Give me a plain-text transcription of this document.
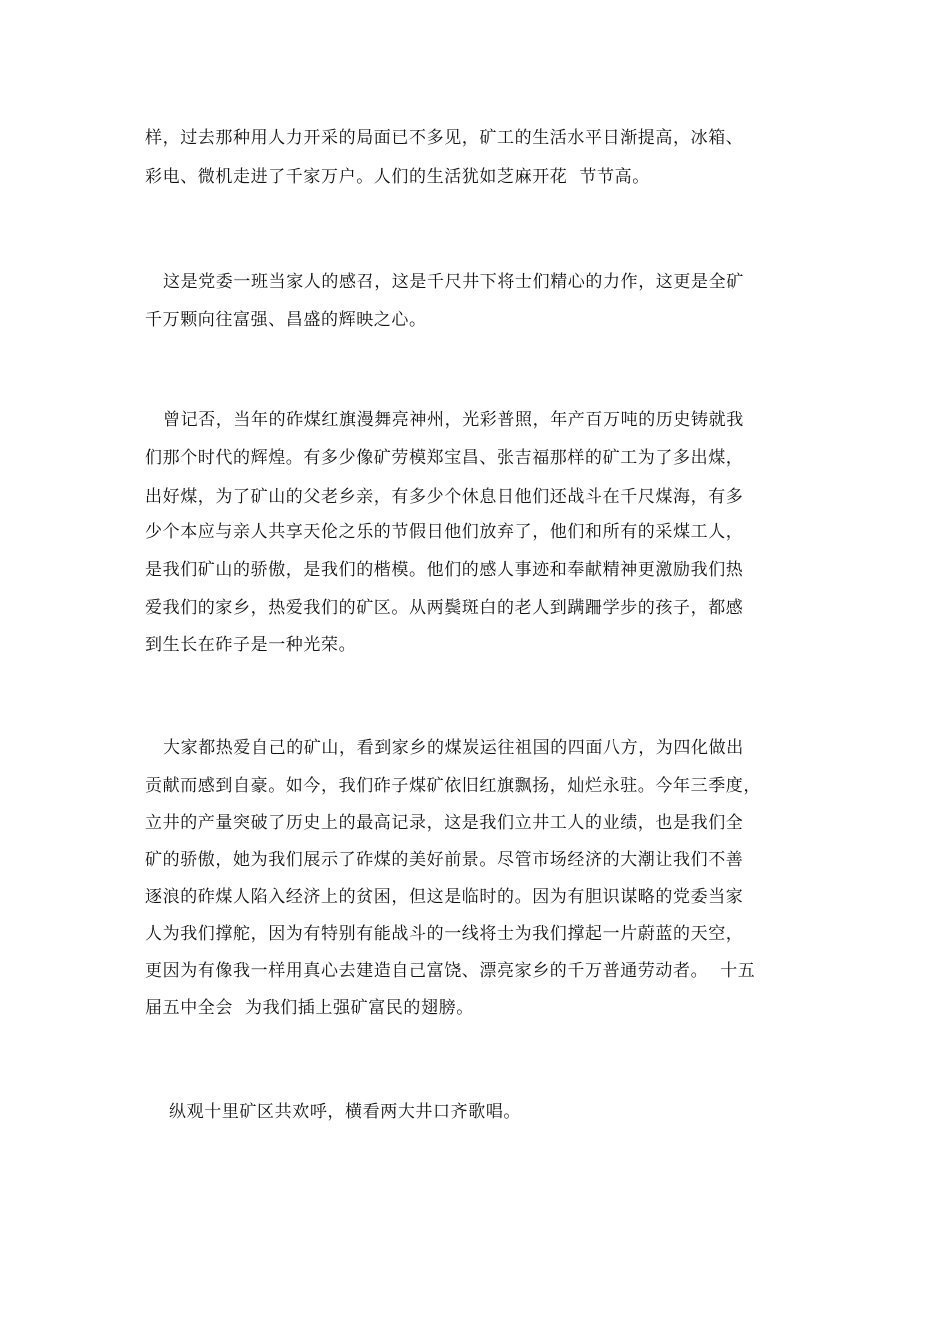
样，过去那种用人力开采的局面已不多见，矿工的生活水平日渐提高，冰箱、
彩电、微机走进了千家万户。人们的生活犹如芝麻开花  节节高。
这是党委一班当家人的感召，这是千尺井下将士们精心的力作，这更是全矿
千万颗向往富强、昌盛的辉映之心。
曾记否，当年的砟煤红旗漫舞亮神州，光彩普照，年产百万吨的历史铸就我
们那个时代的辉煌。有多少像矿劳模郑宝昌、张吉福那样的矿工为了多出煤，
出好煤，为了矿山的父老乡亲，有多少个休息日他们还战斗在千尺煤海，有多
少个本应与亲人共享天伦之乐的节假日他们放弃了，他们和所有的采煤工人，
是我们矿山的骄傲，是我们的楷模。他们的感人事迹和奉献精神更激励我们热
爱我们的家乡，热爱我们的矿区。从两鬓斑白的老人到蹒跚学步的孩子，都感
到生长在砟子是一种光荣。
大家都热爱自己的矿山，看到家乡的煤炭运往祖国的四面八方，为四化做出
贡献而感到自豪。如今，我们砟子煤矿依旧红旗飘扬，灿烂永驻。今年三季度，
立井的产量突破了历史上的最高记录，这是我们立井工人的业绩，也是我们全
矿的骄傲，她为我们展示了砟煤的美好前景。尽管市场经济的大潮让我们不善
逐浪的砟煤人陷入经济上的贫困，但这是临时的。因为有胆识谋略的党委当家
人为我们撑舵，因为有特别有能战斗的一线将士为我们撑起一片蔚蓝的天空，
更因为有像我一样用真心去建造自己富饶、漂亮家乡的千万普通劳动者。  十五
届五中全会  为我们插上强矿富民的翅膀。
纵观十里矿区共欢呼，横看两大井口齐歌唱。
